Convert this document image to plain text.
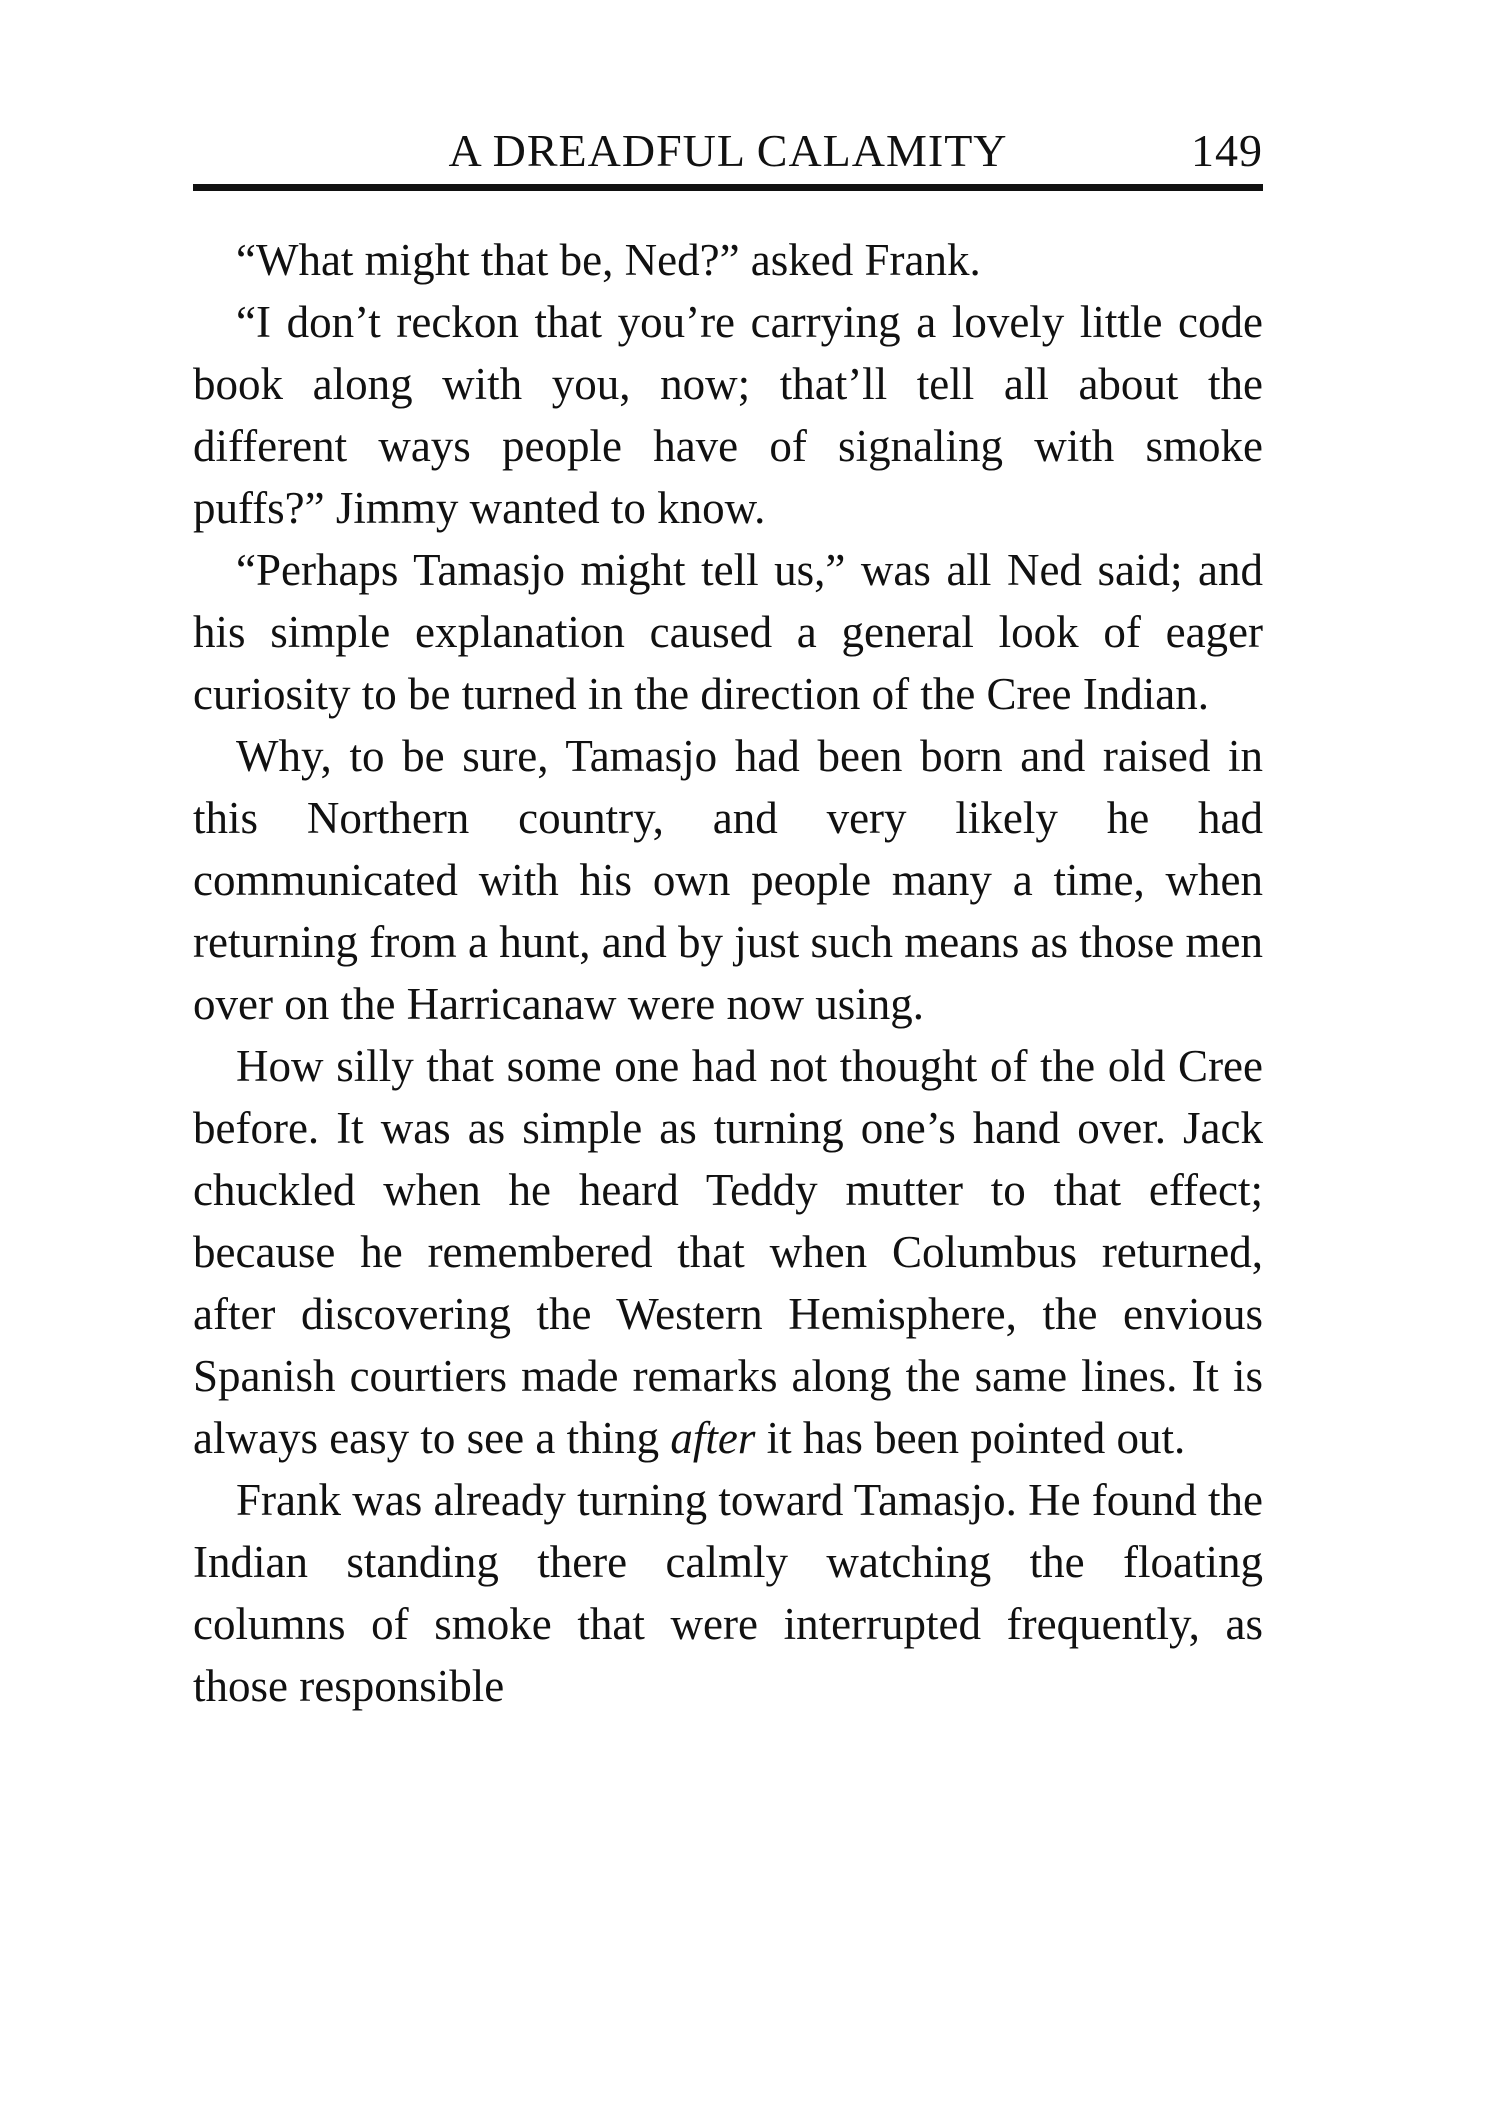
A DREADFUL CALAMITY	149

“What might that be, Ned?” asked Frank.

“I don’t reckon that you’re carrying a lovely little code book along with you, now; that’ll tell all about the different ways people have of signaling with smoke puffs?” Jimmy wanted to know.

“Perhaps Tamasjo might tell us,” was all Ned said; and his simple explanation caused a general look of eager curiosity to be turned in the direction of the Cree Indian.

Why, to be sure, Tamasjo had been born and raised in this Northern country, and very likely he had communicated with his own people many a time, when returning from a hunt, and by just such means as those men over on the Harricanaw were now using.

How silly that some one had not thought of the old Cree before. It was as simple as turning one’s hand over. Jack chuckled when he heard Teddy mutter to that effect; because he remembered that when Columbus returned, after discovering the Western Hemisphere, the envious Spanish courtiers made remarks along the same lines. It is always easy to see a thing after it has been pointed out.

Frank was already turning toward Tamasjo. He found the Indian standing there calmly watching the floating columns of smoke that were interrupted frequently, as those responsible
